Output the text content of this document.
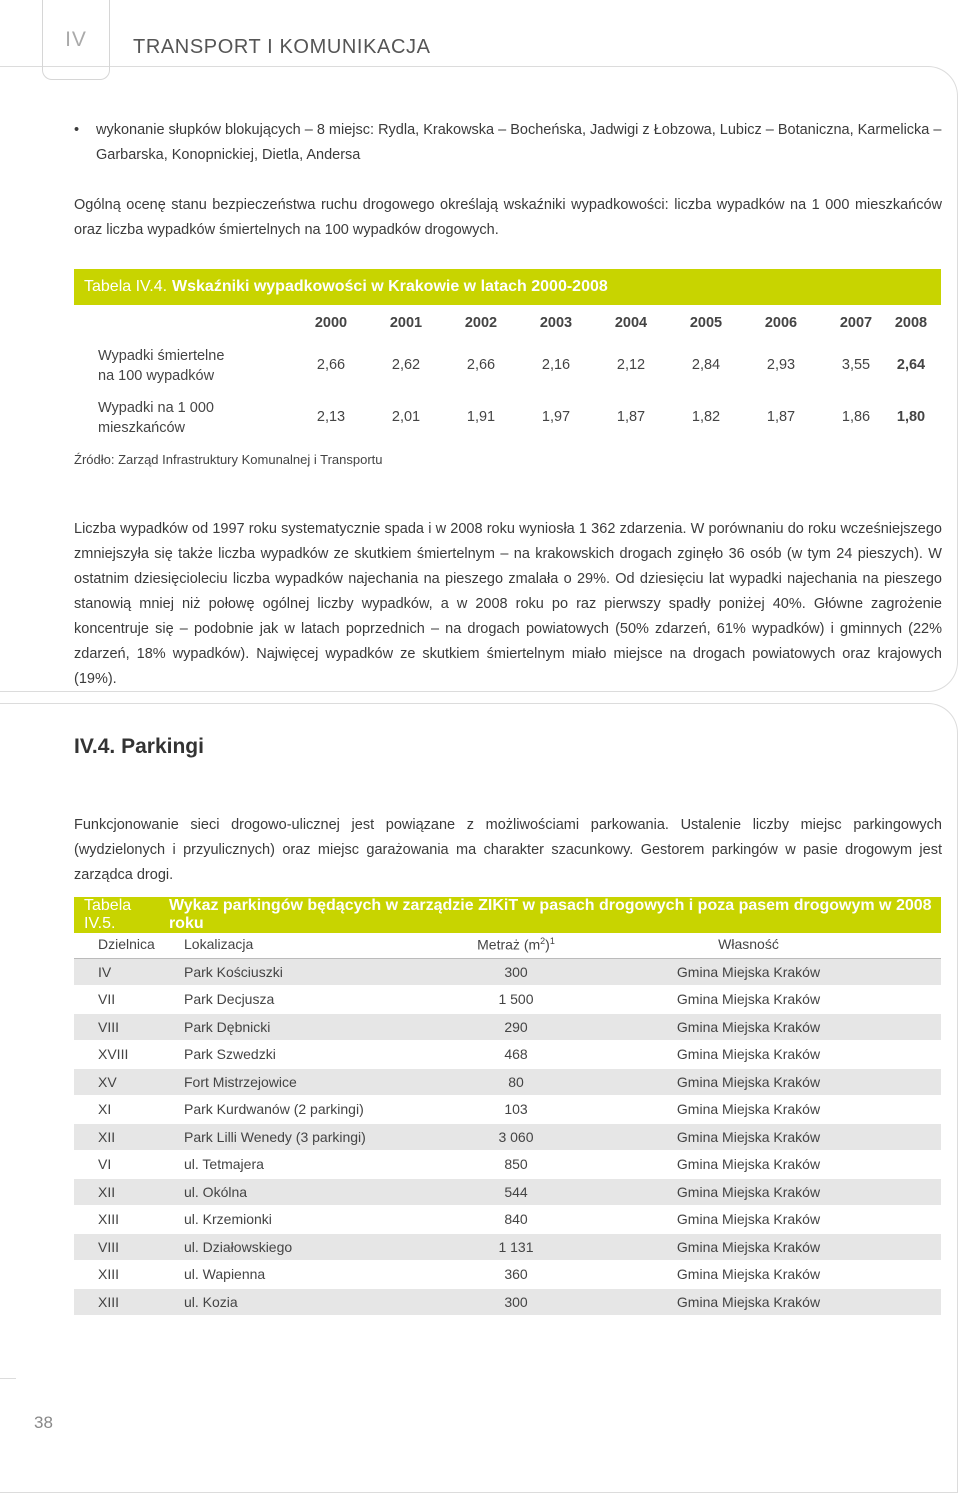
IV TRANSPORT I KOMUNIKACJA
• wykonanie słupków blokujących – 8 miejsc: Rydla, Krakowska – Bocheńska, Jadwigi z Łobzowa, Lubicz – Botaniczna, Karmelicka – Garbarska, Konopnickiej, Dietla, Andersa
Ogólną ocenę stanu bezpieczeństwa ruchu drogowego określają wskaźniki wypadkowości: liczba wypadków na 1 000 mieszkańców oraz liczba wypadków śmiertelnych na 100 wypadków drogowych.
Tabela IV.4. Wskaźniki wypadkowości w Krakowie w latach 2000-2008
2000	2001	2002	2003	2004	2005	2006	2007	2008
Wypadki śmiertelne
na 100 wypadków
2,66	2,62	2,66	2,16	2,12	2,84	2,93	3,55	2,64
Wypadki na 1 000
mieszkańców
2,13	2,01	1,91	1,97	1,87	1,82	1,87	1,86	1,80
Źródło: Zarząd Infrastruktury Komunalnej i Transportu
Liczba wypadków od 1997 roku systematycznie spada i w 2008 roku wyniosła 1 362 zdarzenia. W porównaniu do roku wcześniejszego zmniejszyła się także liczba wypadków ze skutkiem śmiertelnym – na krakowskich drogach zginęło 36 osób (w tym 24 pieszych). W ostatnim dziesięcioleciu liczba wypadków najechania na pieszego zmalała o 29%. Od dziesięciu lat wypadki najechania na pieszego stanowią mniej niż połowę ogólnej liczby wypadków, a w 2008 roku po raz pierwszy spadły poniżej 40%. Główne zagrożenie koncentruje się – podobnie jak w latach poprzednich – na drogach powiatowych (50% zdarzeń, 61% wypadków) i gminnych (22% zdarzeń, 18% wypadków). Najwięcej wypadków ze skutkiem śmiertelnym miało miejsce na drogach powiatowych oraz krajowych (19%).
IV.4. Parkingi
Funkcjonowanie sieci drogowo-ulicznej jest powiązane z możliwościami parkowania. Ustalenie liczby miejsc parkingowych (wydzielonych i przyulicznych) oraz miejsc garażowania ma charakter szacunkowy. Gestorem parkingów w pasie drogowym jest zarządca drogi.
Tabela IV.5.
Wykaz parkingów będących w zarządzie ZIKiT w pasach drogowych i poza pasem drogowym w 2008 roku
Dzielnica	Lokalizacja	Metraż $(m^2)^1$	Własność
IV	Park Kościuszki	300	Gmina Miejska Kraków
VII	Park Decjusza	1 500	Gmina Miejska Kraków
VIII	Park Dębnicki	290	Gmina Miejska Kraków
XVIII	Park Szwedzki	468	Gmina Miejska Kraków
XV	Fort Mistrzejowice	80	Gmina Miejska Kraków
XI	Park Kurdwanów (2 parkingi)	103	Gmina Miejska Kraków
XII	Park Lilli Wenedy (3 parkingi)	3 060	Gmina Miejska Kraków
VI	ul. Tetmajera	850	Gmina Miejska Kraków
XII	ul. Okólna	544	Gmina Miejska Kraków
XIII	ul. Krzemionki	840	Gmina Miejska Kraków
VIII	ul. Działowskiego	1 131	Gmina Miejska Kraków
XIII	ul. Wapienna	360	Gmina Miejska Kraków
XIII	ul. Kozia	300	Gmina Miejska Kraków
38
